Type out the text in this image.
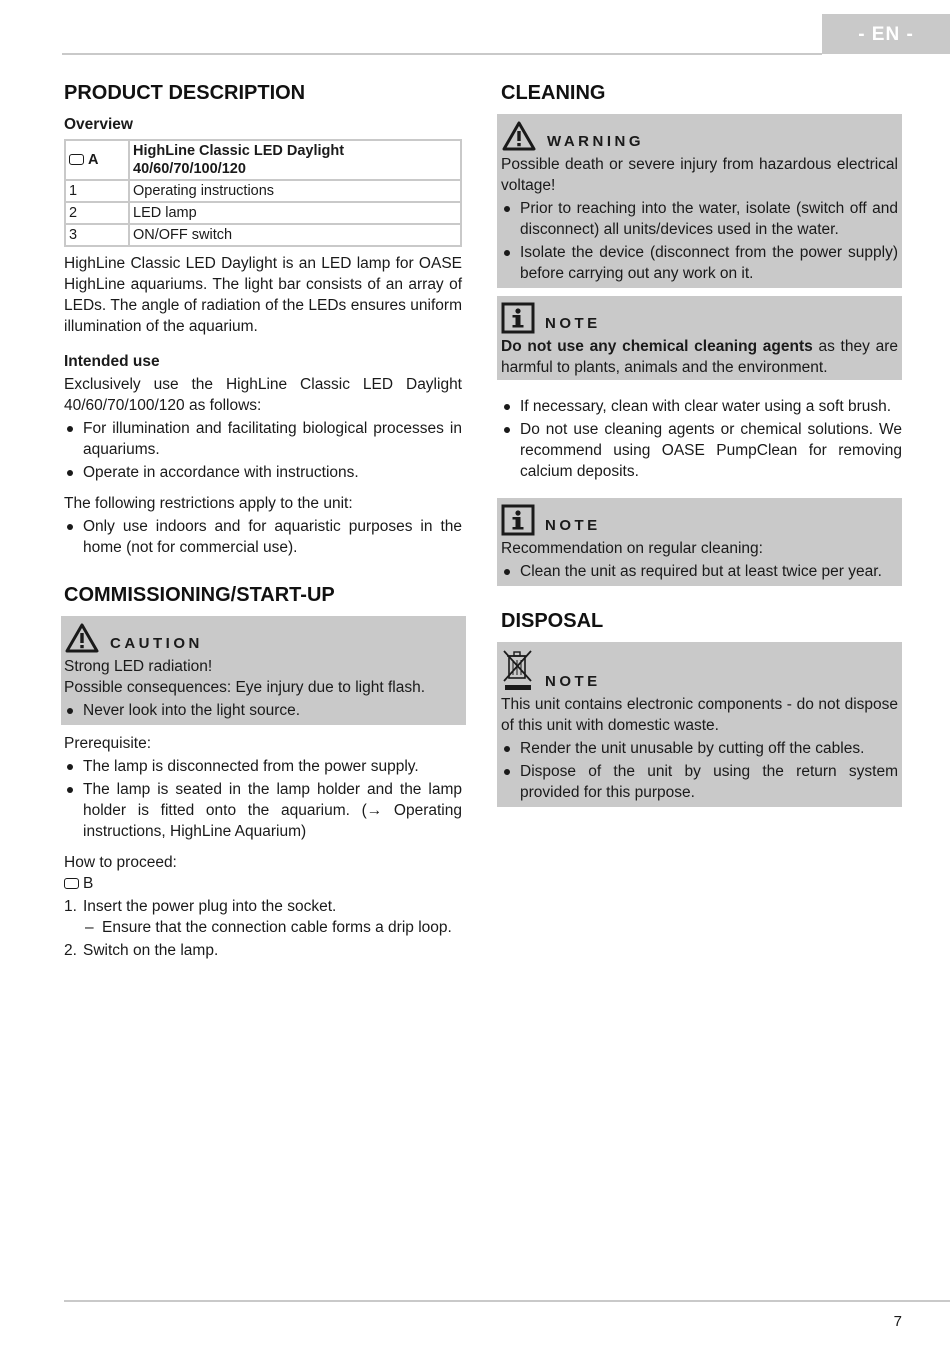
- EN -
PRODUCT DESCRIPTION
Overview
A	HighLine Classic LED Daylight 40/60/70/100/120
1	Operating instructions
2	LED lamp
3	ON/OFF switch

HighLine Classic LED Daylight is an LED lamp for OASE HighLine aquariums. The light bar consists of an array of LEDs. The angle of radiation of the LEDs ensures uniform illumination of the aquarium.

Intended use

Exclusively use the HighLine Classic LED Daylight 40/60/70/100/120 as follows:

For illumination and facilitating biological processes in aquariums.
Operate in accordance with instructions.

The following restrictions apply to the unit:

Only use indoors and for aquaristic purposes in the home (not for commercial use).
COMMISSIONING/START-UP
CAUTION

Strong LED radiation!

Possible consequences: Eye injury due to light flash.

Never look into the light source.

Prerequisite:

The lamp is disconnected from the power supply.
The lamp is seated in the lamp holder and the lamp holder is fitted onto the aquarium. (→ Operating instructions, HighLine Aquarium)

How to proceed:

B

1. Insert the power plug into the socket.
– Ensure that the connection cable forms a drip loop.
2. Switch on the lamp.
CLEANING
WARNING

Possible death or severe injury from hazardous electrical voltage!

Prior to reaching into the water, isolate (switch off and disconnect) all units/devices used in the water.
Isolate the device (disconnect from the power supply) before carrying out any work on it.
NOTE

Do not use any chemical cleaning agents as they are harmful to plants, animals and the environment.

If necessary, clean with clear water using a soft brush.
Do not use cleaning agents or chemical solutions. We recommend using OASE PumpClean for removing calcium deposits.
NOTE

Recommendation on regular cleaning:

Clean the unit as required but at least twice per year.
DISPOSAL
NOTE

This unit contains electronic components - do not dispose of this unit with domestic waste.

Render the unit unusable by cutting off the cables.
Dispose of the unit by using the return system provided for this purpose.
7
